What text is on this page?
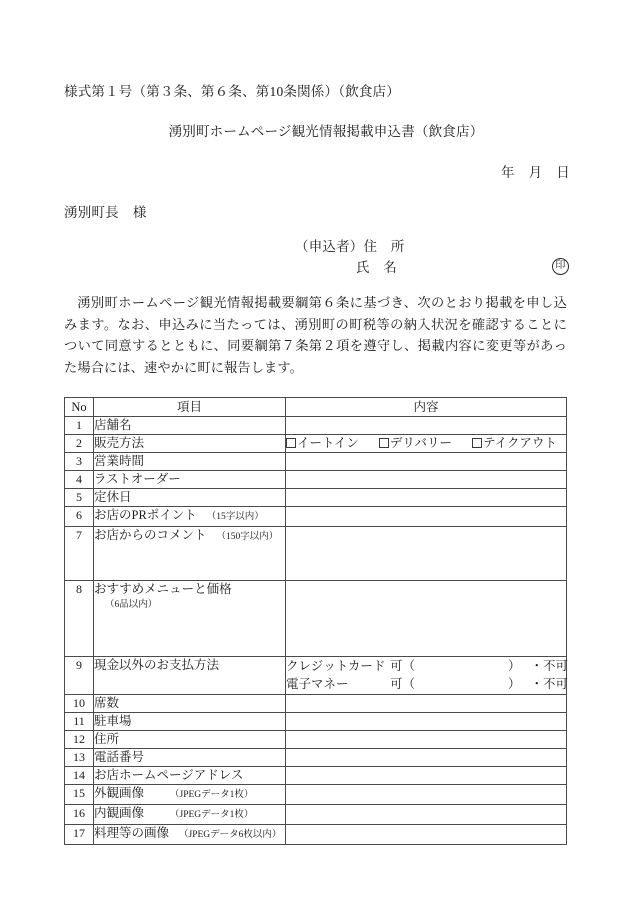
様式第１号（第３条、第６条、第10条関係）（飲食店）
湧別町ホームページ観光情報掲載申込書（飲食店）
年 月 日
湧別町長 様
（申込者）住　所
氏　名	印
湧別町ホームページ観光情報掲載要綱第６条に基づき、次のとおり掲載を申し込みます。なお、申込みに当たっては、湧別町の町税等の納入状況を確認することについて同意するとともに、同要綱第７条第２項を遵守し、掲載内容に変更等があった場合には、速やかに町に報告します。
No	項目	内容
1	店舗名	
2	販売方法	イートイン デリバリー テイクアウト
3	営業時間	
4	ラストオーダー	
5	定休日	
6	お店のPRポイント （15字以内）	
7	お店からのコメント （150字以内）	
8	おすすめメニューと価格
（6品以内）	

9	現金以外のお支払方法	クレジットカード 可（ ） ・不可
電子マネー 可（ ） ・不可

10	席数	
11	駐車場	
12	住所	
13	電話番号	
14	お店ホームページアドレス	
15	外観画像 （JPEGデータ1枚）	
16	内観画像 （JPEGデータ1枚）	
17	料理等の画像 （JPEGデータ6枚以内）	
